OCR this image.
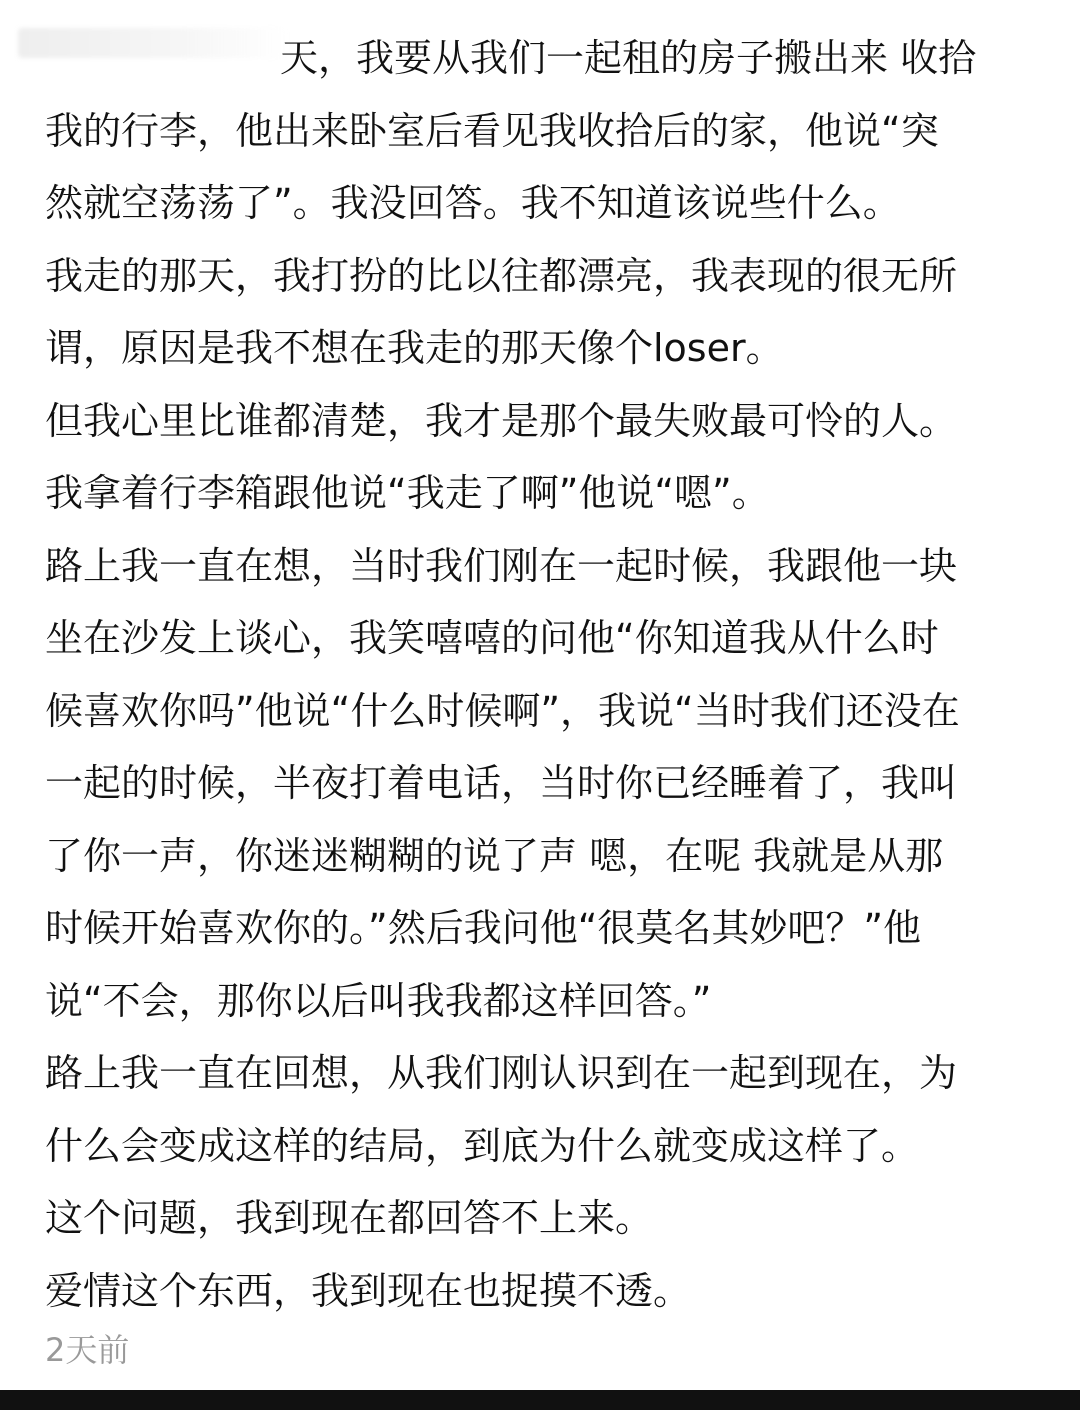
天，我要从我们一起租的房子搬出来 收拾
我的行李，他出来卧室后看见我收拾后的家，他说“突
然就空荡荡了”。我没回答。我不知道该说些什么。
我走的那天，我打扮的比以往都漂亮，我表现的很无所
谓，原因是我不想在我走的那天像个loser。
但我心里比谁都清楚，我才是那个最失败最可怜的人。
我拿着行李箱跟他说“我走了啊”他说“嗯”。
路上我一直在想，当时我们刚在一起时候，我跟他一块
坐在沙发上谈心，我笑嘻嘻的问他“你知道我从什么时
候喜欢你吗”他说“什么时候啊”，我说“当时我们还没在
一起的时候，半夜打着电话，当时你已经睡着了，我叫
了你一声，你迷迷糊糊的说了声 嗯，在呢 我就是从那
时候开始喜欢你的。”然后我问他“很莫名其妙吧？”他
说“不会，那你以后叫我我都这样回答。”
路上我一直在回想，从我们刚认识到在一起到现在，为
什么会变成这样的结局，到底为什么就变成这样了。
这个问题，我到现在都回答不上来。
爱情这个东西，我到现在也捉摸不透。
2天前
